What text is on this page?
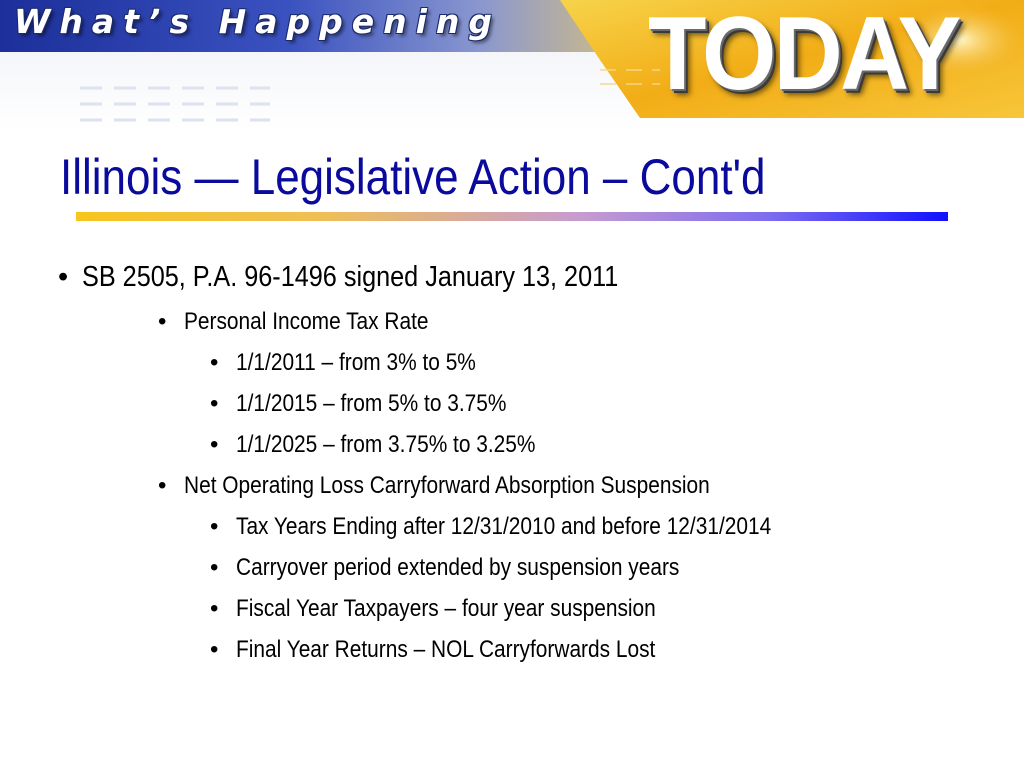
What’s Happening TODAY
Illinois — Legislative Action – Cont'd
• SB 2505, P.A. 96-1496 signed January 13, 2011
• Personal Income Tax Rate
• 1/1/2011 – from 3% to 5%
• 1/1/2015 – from 5% to 3.75%
• 1/1/2025 – from 3.75% to 3.25%
• Net Operating Loss Carryforward Absorption Suspension
• Tax Years Ending after 12/31/2010 and before 12/31/2014
• Carryover period extended by suspension years
• Fiscal Year Taxpayers – four year suspension
• Final Year Returns – NOL Carryforwards Lost
